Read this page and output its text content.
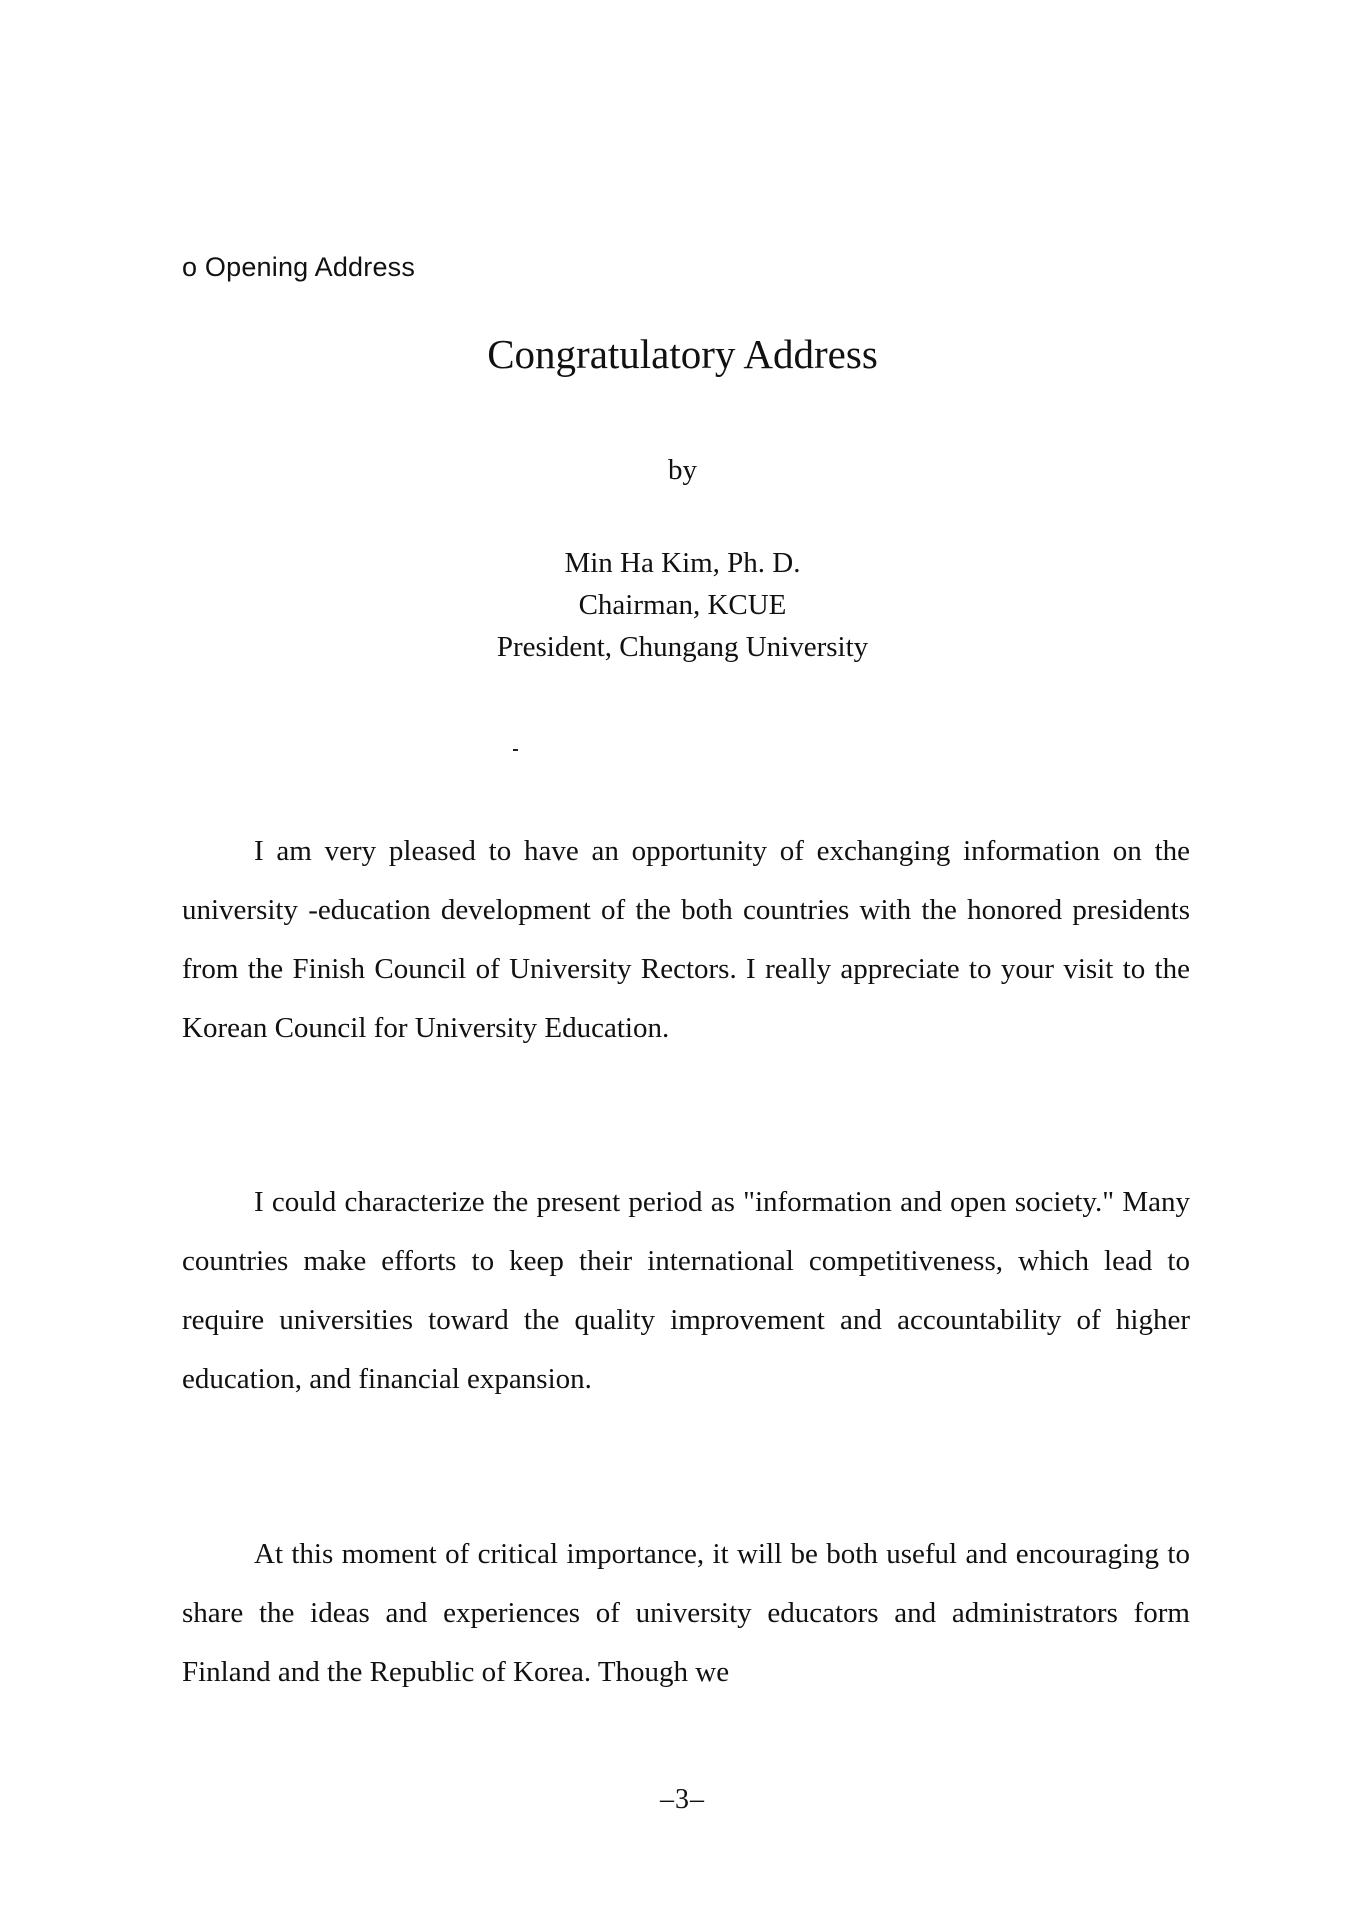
o Opening Address
Congratulatory Address
by
Min Ha Kim, Ph. D.
Chairman, KCUE
President, Chungang University
I am very pleased to have an opportunity of exchanging information on the university -education development of the both countries with the honored presidents from the Finish Council of University Rectors. I really appreciate to your visit to the Korean Council for University Education.
I could characterize the present period as "information and open society." Many countries make efforts to keep their international competitiveness, which lead to require universities toward the quality improvement and accountability of higher education, and financial expansion.
At this moment of critical importance, it will be both useful and encouraging to share the ideas and experiences of university educators and administrators form Finland and the Republic of Korea. Though we
–3–
